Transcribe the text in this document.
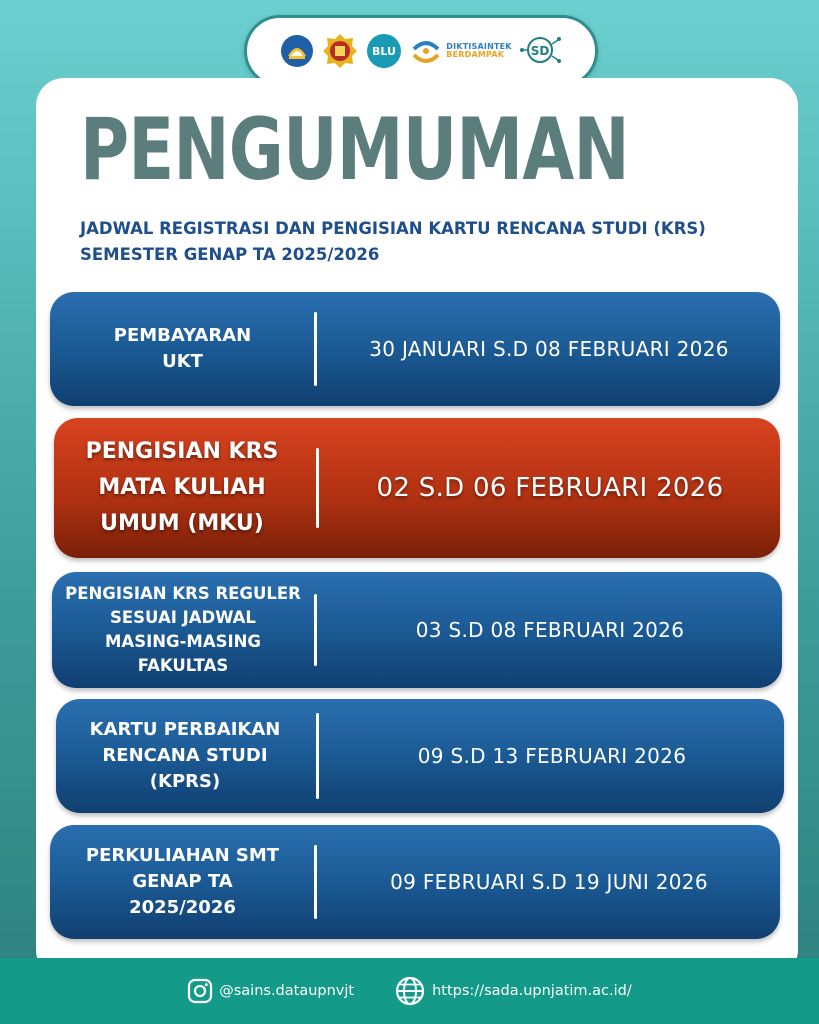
BLU	DIKTISAINTEK
BERDAMPAK	SD
PENGUMUMAN
JADWAL REGISTRASI DAN PENGISIAN KARTU RENCANA STUDI (KRS)
SEMESTER GENAP TA 2025/2026
PEMBAYARAN
UKT
30 JANUARI S.D 08 FEBRUARI 2026
PENGISIAN KRS
MATA KULIAH
UMUM (MKU)
02 S.D 06 FEBRUARI 2026
PENGISIAN KRS REGULER
SESUAI JADWAL
MASING-MASING
FAKULTAS
03 S.D 08 FEBRUARI 2026
KARTU PERBAIKAN
RENCANA STUDI
(KPRS)
09 S.D 13 FEBRUARI 2026
PERKULIAHAN SMT
GENAP TA
2025/2026
09 FEBRUARI S.D 19 JUNI 2026
@sains.dataupnvjt	https://sada.upnjatim.ac.id/
